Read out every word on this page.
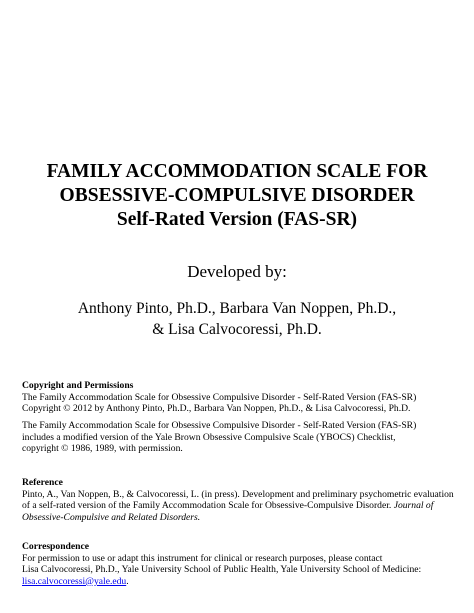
FAMILY ACCOMMODATION SCALE FOR
OBSESSIVE-COMPULSIVE DISORDER
Self-Rated Version (FAS-SR)
Developed by:
Anthony Pinto, Ph.D., Barbara Van Noppen, Ph.D.,
& Lisa Calvocoressi, Ph.D.
Copyright and Permissions
The Family Accommodation Scale for Obsessive Compulsive Disorder - Self-Rated Version (FAS-SR)
Copyright © 2012 by Anthony Pinto, Ph.D., Barbara Van Noppen, Ph.D., & Lisa Calvocoressi, Ph.D.
The Family Accommodation Scale for Obsessive Compulsive Disorder - Self-Rated Version (FAS-SR)
includes a modified version of the Yale Brown Obsessive Compulsive Scale (YBOCS) Checklist,
copyright © 1986, 1989, with permission.
Reference
Pinto, A., Van Noppen, B., & Calvocoressi, L. (in press). Development and preliminary psychometric evaluation
of a self-rated version of the Family Accommodation Scale for Obsessive-Compulsive Disorder. Journal of
Obsessive-Compulsive and Related Disorders.
Correspondence
For permission to use or adapt this instrument for clinical or research purposes, please contact
Lisa Calvocoressi, Ph.D., Yale University School of Public Health, Yale University School of Medicine:
lisa.calvocoressi@yale.edu.
